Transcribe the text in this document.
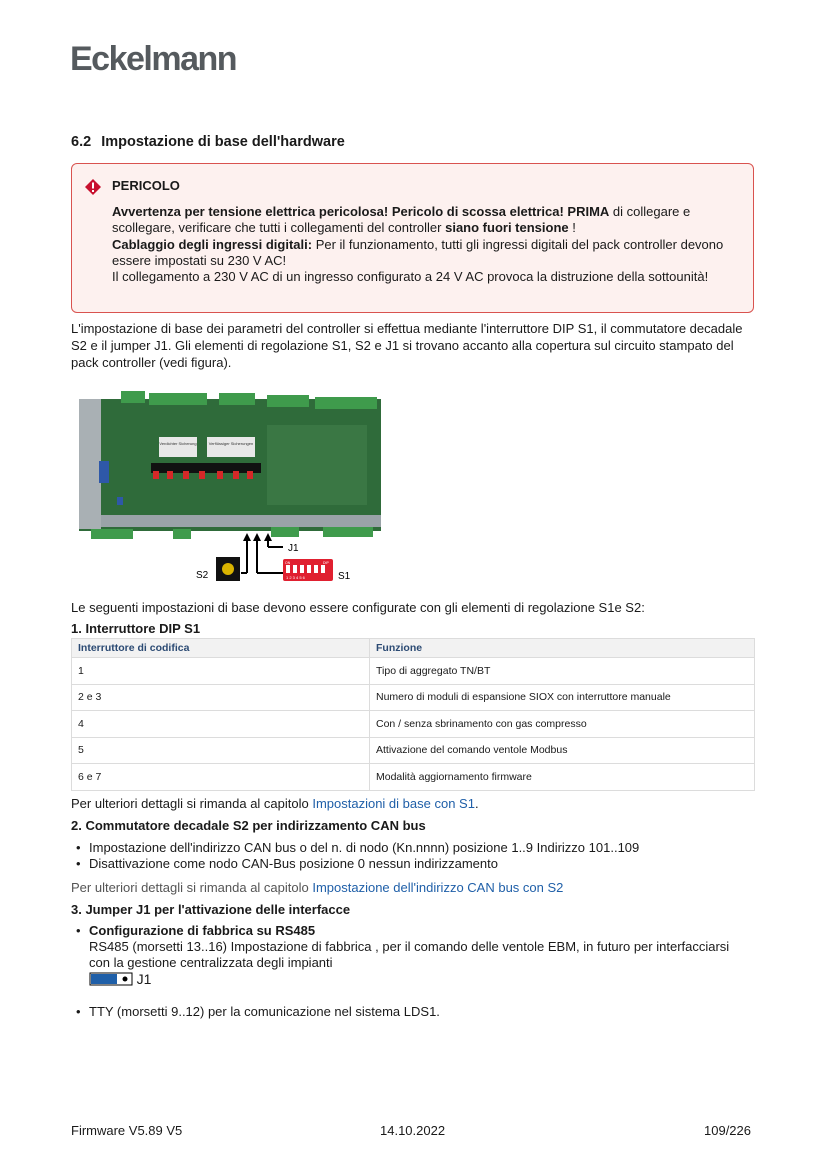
Eckelmann
6.2 Impostazione di base dell'hardware
PERICOLO
Avvertenza per tensione elettrica pericolosa! Pericolo di scossa elettrica! PRIMA di collegare e scollegare, verificare che tutti i collegamenti del controller siano fuori tensione !
Cablaggio degli ingressi digitali: Per il funzionamento, tutti gli ingressi digitali del pack controller devono essere impostati su 230 V AC!
Il collegamento a 230 V AC di un ingresso configurato a 24 V AC provoca la distruzione della sottounità!
L'impostazione di base dei parametri del controller si effettua mediante l'interruttore DIP S1, il commutatore decadale S2 e il jumper J1. Gli elementi di regolazione S1, S2 e J1 si trovano accanto alla copertura sul circuito stampato del pack controller (vedi figura).
Verdichter Sicherung	Verflüssiger Sicherungen
J1
S2
ON	DIP
1 2 3 4 5 6	S1
Le seguenti impostazioni di base devono essere configurate con gli elementi di regolazione S1e S2:
1. Interruttore DIP S1
Interruttore di codifica	Funzione
1	Tipo di aggregato TN/BT
2 e 3	Numero di moduli di espansione SIOX con interruttore manuale
4	Con / senza sbrinamento con gas compresso
5	Attivazione del comando ventole Modbus
6 e 7	Modalità aggiornamento firmware
Per ulteriori dettagli si rimanda al capitolo Impostazioni di base con S1.
2. Commutatore decadale S2 per indirizzamento CAN bus
• Impostazione dell'indirizzo CAN bus o del n. di nodo (Kn.nnnn) posizione 1..9 Indirizzo 101..109
• Disattivazione come nodo CAN-Bus posizione 0 nessun indirizzamento
Per ulteriori dettagli si rimanda al capitolo Impostazione dell'indirizzo CAN bus con S2
3. Jumper J1 per l'attivazione delle interfacce
• Configurazione di fabbrica su RS485
RS485 (morsetti 13..16) Impostazione di fabbrica , per il comando delle ventole EBM, in futuro per interfacciarsi con la gestione centralizzata degli impianti
J1
• TTY (morsetti 9..12) per la comunicazione nel sistema LDS1.
Firmware V5.89 V5	14.10.2022	109/226
